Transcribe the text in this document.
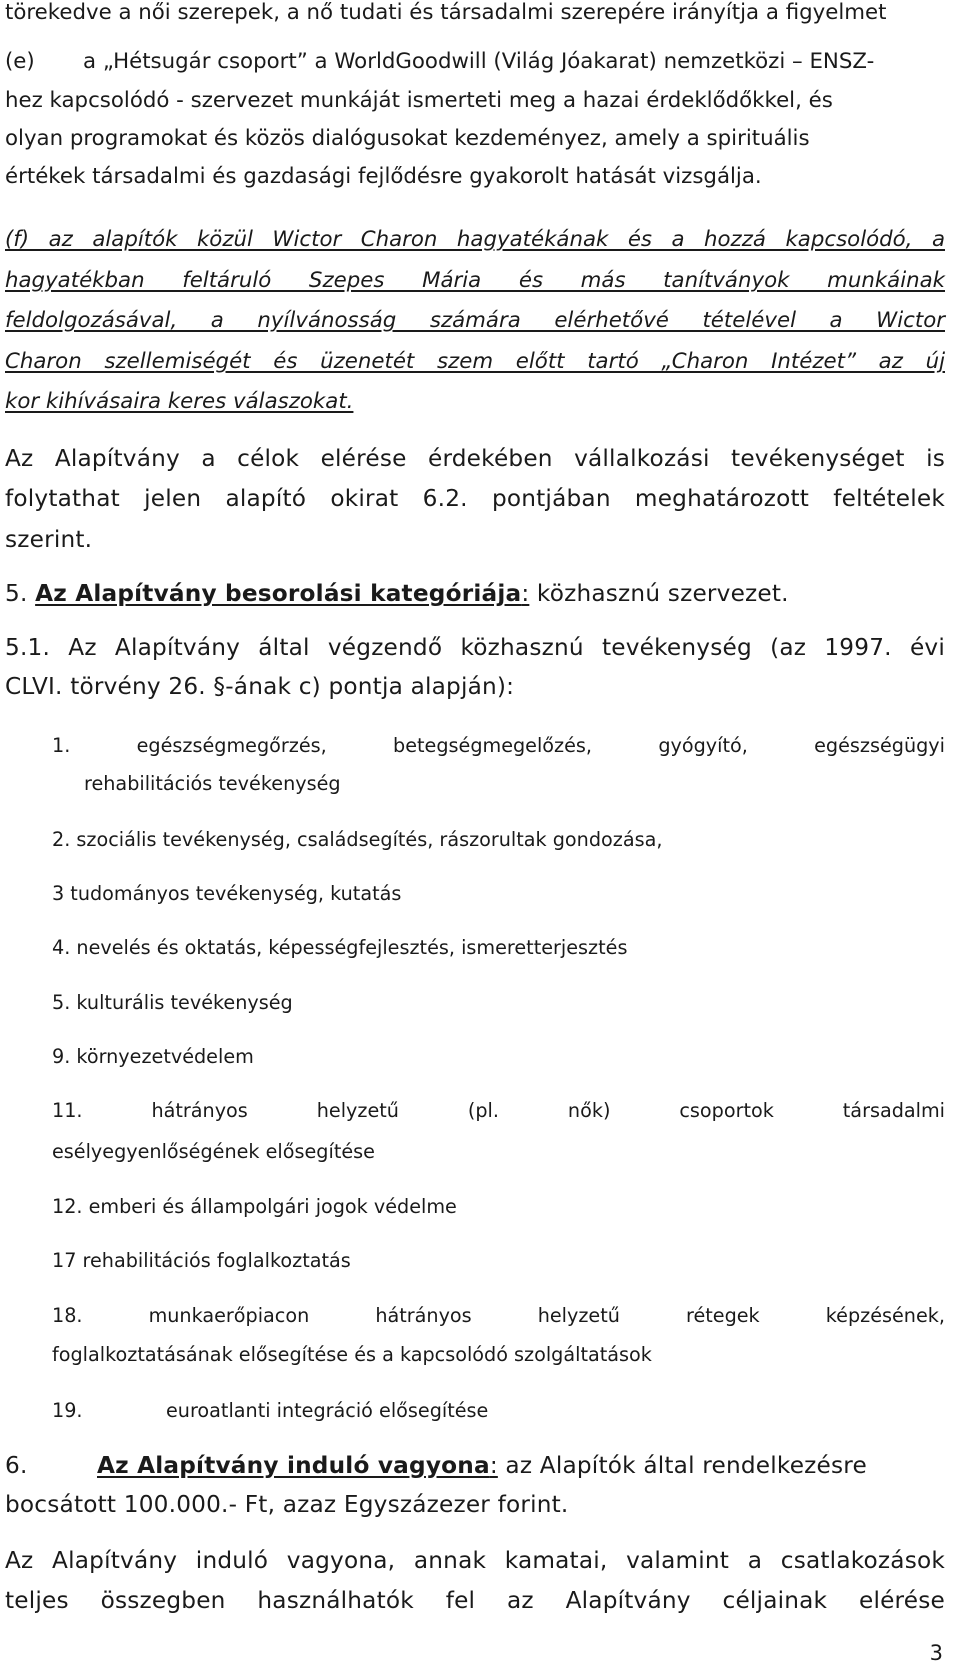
törekedve a női szerepek, a nő tudati és társadalmi szerepére irányítja a figyelmet
(e) a „Hétsugár csoport” a WorldGoodwill (Világ Jóakarat) nemzetközi – ENSZ-
hez kapcsolódó - szervezet munkáját ismerteti meg a hazai érdeklődőkkel, és
olyan programokat és közös dialógusokat kezdeményez, amely a spirituális
értékek társadalmi és gazdasági fejlődésre gyakorolt hatását vizsgálja.
(f) az alapítók közül Wictor Charon hagyatékának és a hozzá kapcsolódó, a
hagyatékban feltáruló Szepes Mária és más tanítványok munkáinak
feldolgozásával, a nyílvánosság számára elérhetővé tételével a Wictor
Charon szellemiségét és üzenetét szem előtt tartó „Charon Intézet” az új
kor kihívásaira keres válaszokat.
Az Alapítvány a célok elérése érdekében vállalkozási tevékenységet is
folytathat jelen alapító okirat 6.2. pontjában meghatározott feltételek
szerint.
5. Az Alapítvány besorolási kategóriája: közhasznú szervezet.
5.1. Az Alapítvány által végzendő közhasznú tevékenység (az 1997. évi
CLVI. törvény 26. §-ának c) pontja alapján):
1. egészségmegőrzés, betegségmegelőzés, gyógyító, egészségügyi
rehabilitációs tevékenység
2. szociális tevékenység, családsegítés, rászorultak gondozása,
3 tudományos tevékenység, kutatás
4. nevelés és oktatás, képességfejlesztés, ismeretterjesztés
5. kulturális tevékenység
9. környezetvédelem
11. hátrányos helyzetű (pl. nők) csoportok társadalmi
esélyegyenlőségének elősegítése
12. emberi és állampolgári jogok védelme
17 rehabilitációs foglalkoztatás
18. munkaerőpiacon hátrányos helyzetű rétegek képzésének,
foglalkoztatásának elősegítése és a kapcsolódó szolgáltatások
19.	euroatlanti integráció elősegítése
6.	Az Alapítvány induló vagyona: az Alapítók által rendelkezésre
bocsátott 100.000.- Ft, azaz Egyszázezer forint.
Az Alapítvány induló vagyona, annak kamatai, valamint a csatlakozások
teljes összegben használhatók fel az Alapítvány céljainak elérése
3
